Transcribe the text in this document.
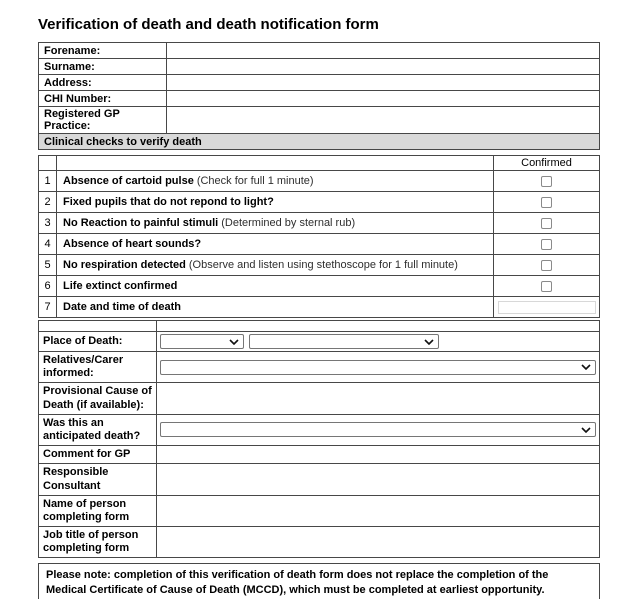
Verification of death and death notification form
Forename:	
Surname:	
Address:	
CHI Number:	
Registered GP Practice:	
Clinical checks to verify death	
		Confirmed
1	Absence of cartoid pulse (Check for full 1 minute)	
2	Fixed pupils that do not repond to light?	
3	No Reaction to painful stimuli (Determined by sternal rub)	
4	Absence of heart sounds?	
5	No respiration detected (Observe and listen using stethoscope for 1 full minute)	
6	Life extinct confirmed	
7	Date and time of death	

Place of Death:	

Relatives/Carer informed:	

Provisional Cause of Death (if available):	
Was this an anticipated death?	

Comment for GP	
Responsible Consultant	
Name of person completing form	
Job title of person completing form	
Please note: completion of this verification of death form does not replace the completion of the Medical Certificate of Cause of Death (MCCD), which must be completed at earliest opportunity.
